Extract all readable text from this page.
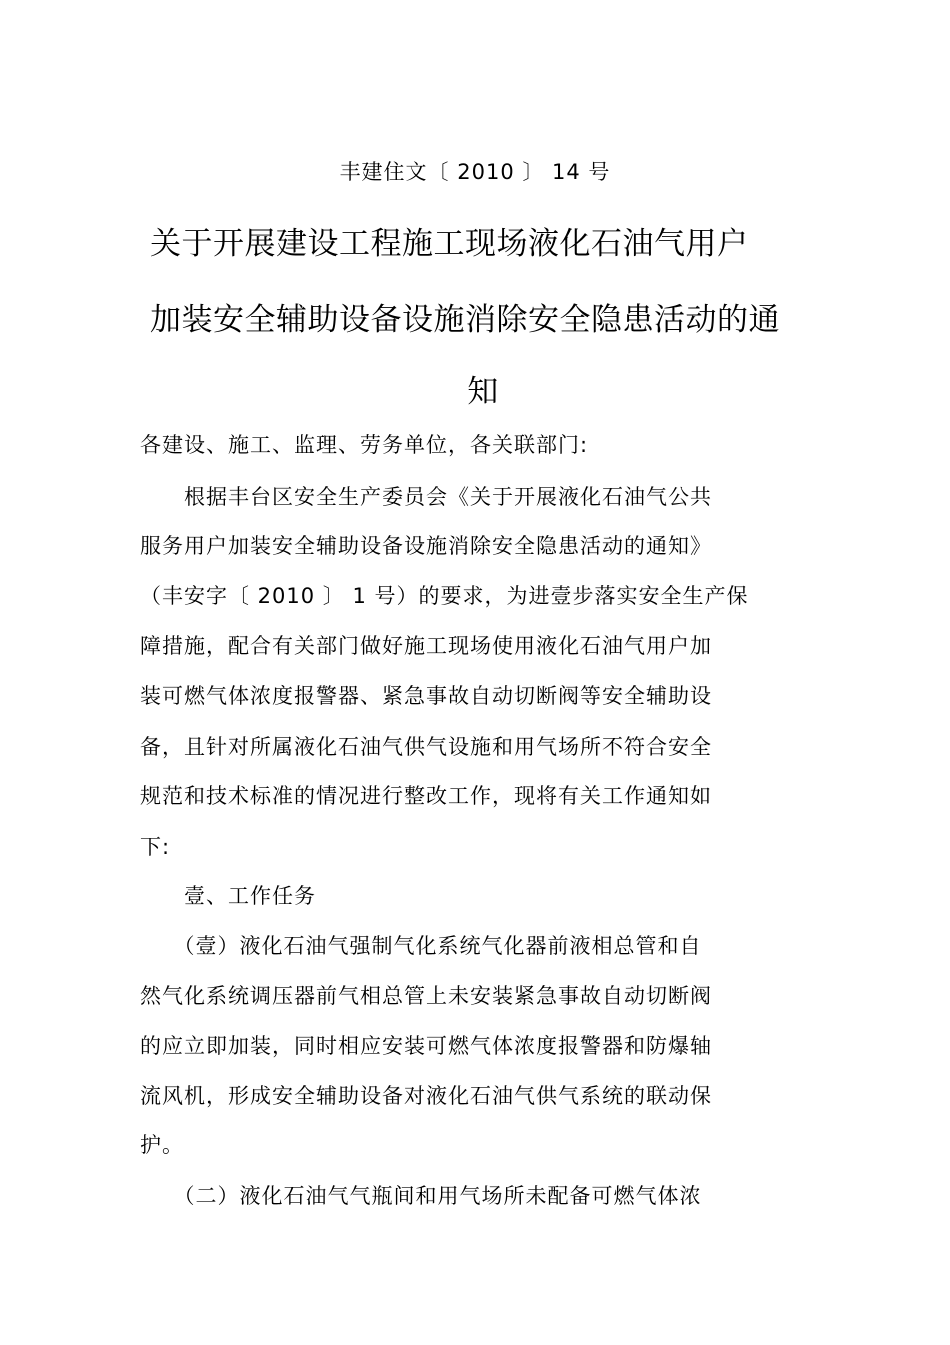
丰建住文〔 2010 〕 14 号

关于开展建设工程施工现场液化石油气用户

加装安全辅助设备设施消除安全隐患活动的通

知

各建设、施工、监理、劳务单位，各关联部门:

　　根据丰台区安全生产委员会《关于开展液化石油气公共

服务用户加装安全辅助设备设施消除安全隐患活动的通知》

（丰安字〔 2010 〕 1 号）的要求，为进壹步落实安全生产保

障措施，配合有关部门做好施工现场使用液化石油气用户加

装可燃气体浓度报警器、紧急事故自动切断阀等安全辅助设

备，且针对所属液化石油气供气设施和用气场所不符合安全

规范和技术标准的情况进行整改工作，现将有关工作通知如

下:

　　壹、工作任务

　　（壹）液化石油气强制气化系统气化器前液相总管和自

然气化系统调压器前气相总管上未安装紧急事故自动切断阀

的应立即加装，同时相应安装可燃气体浓度报警器和防爆轴

流风机，形成安全辅助设备对液化石油气供气系统的联动保

护。

　　（二）液化石油气气瓶间和用气场所未配备可燃气体浓
